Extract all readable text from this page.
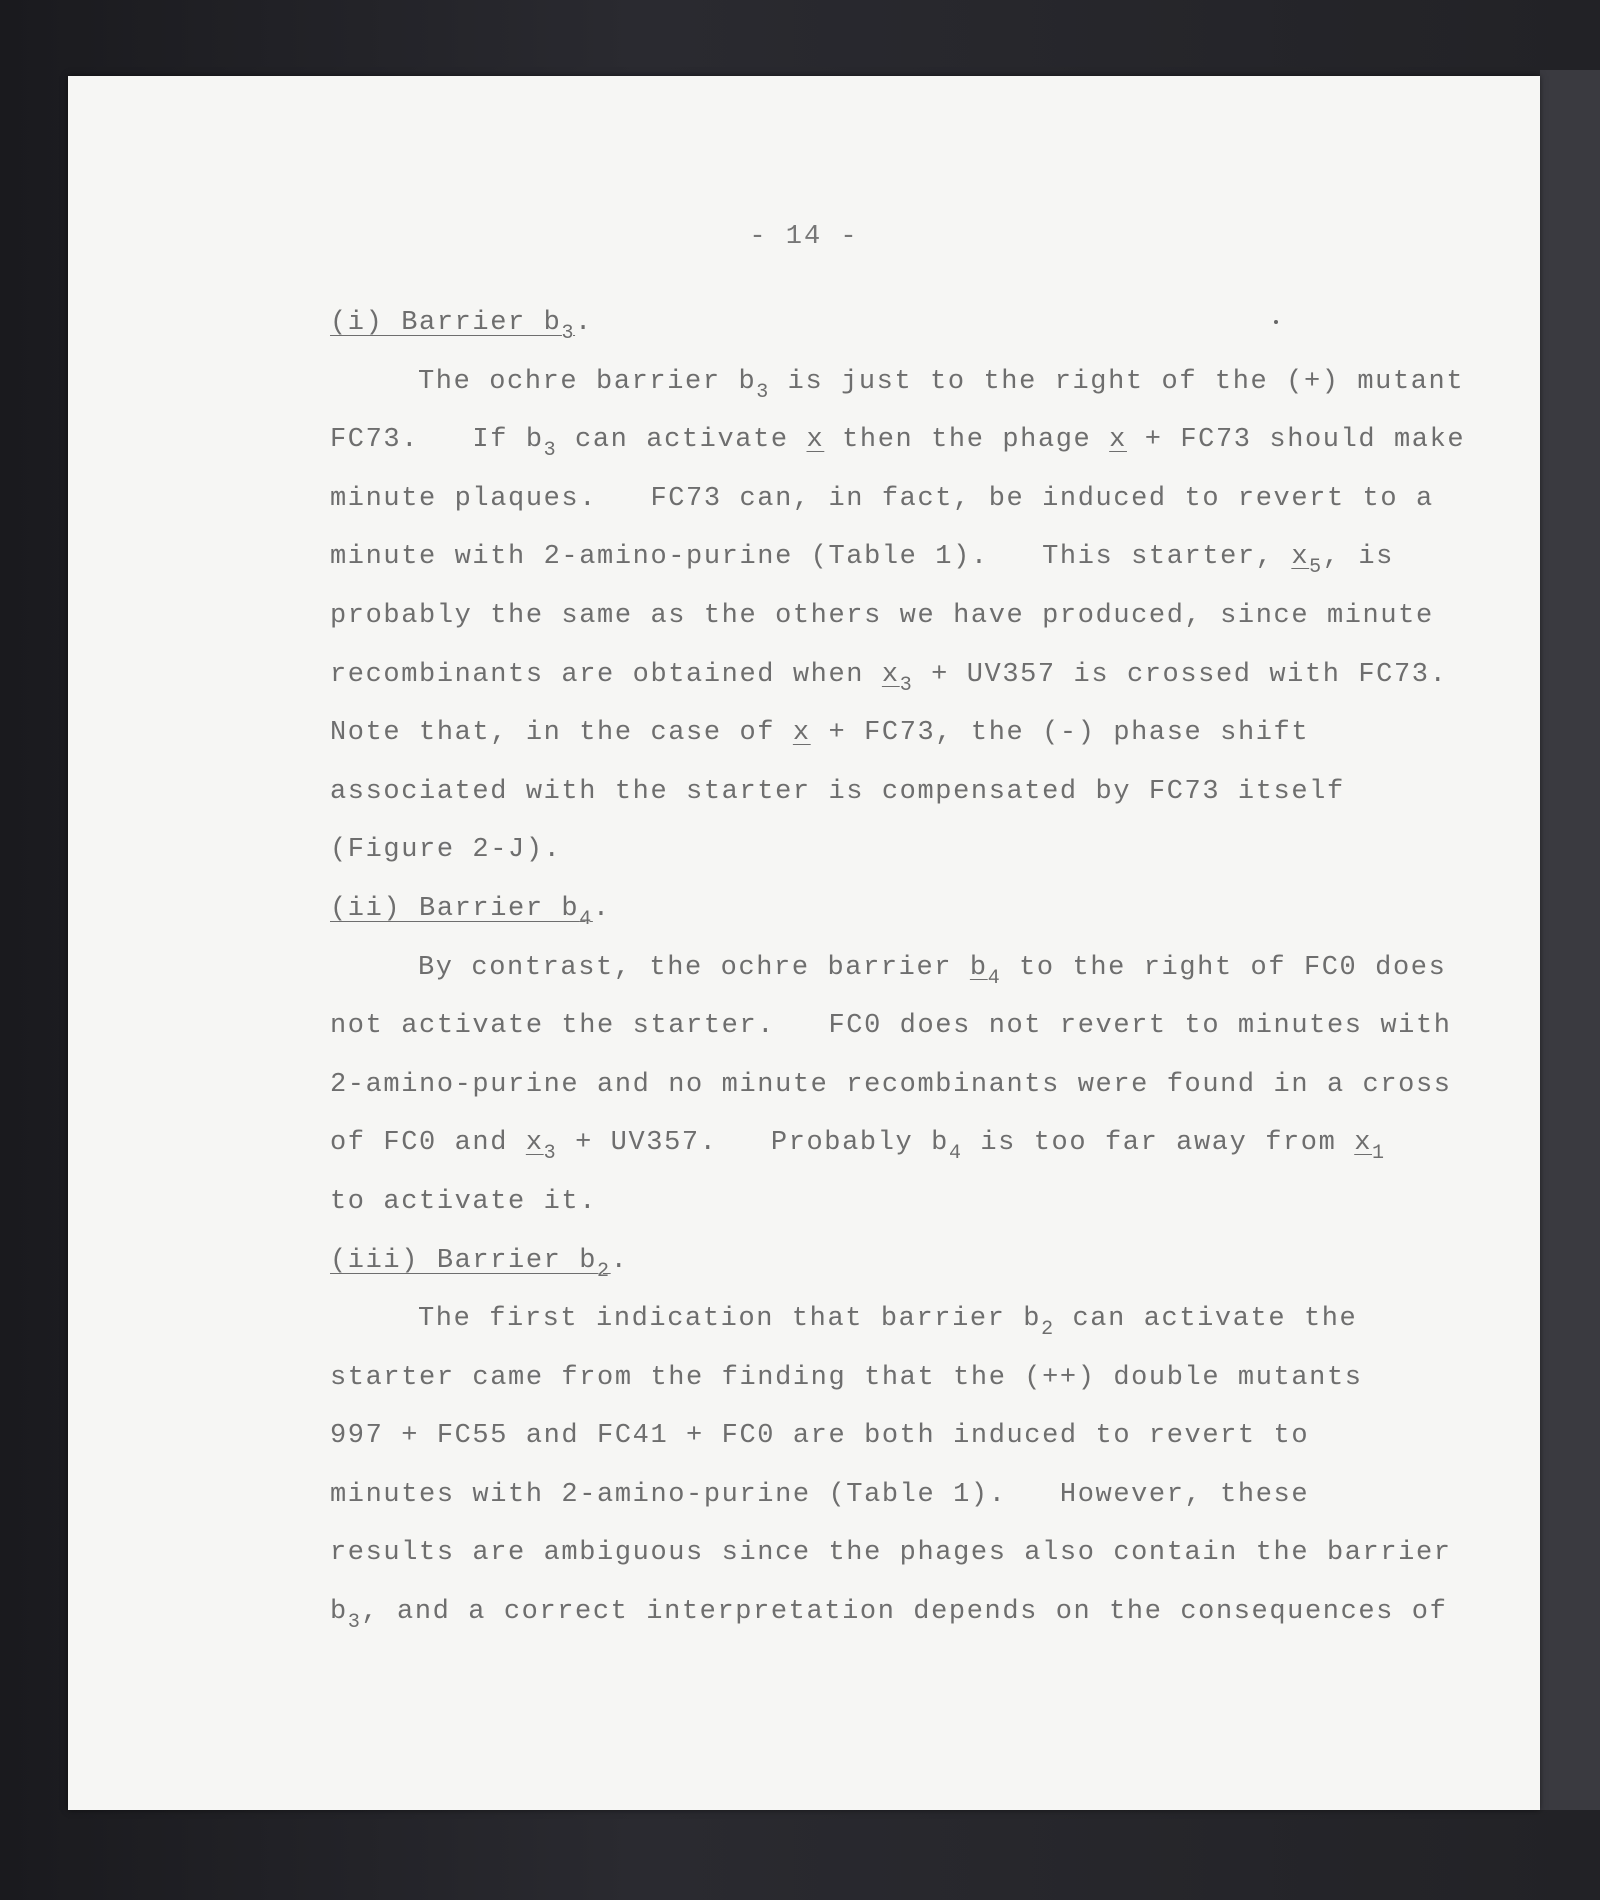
- 14 -
(i) Barrier $b_3$.
The ochre barrier $b_3$ is just to the right of the (+) mutant
FC73.   If $b_3$ can activate x then the phage x + FC73 should make
minute plaques.   FC73 can, in fact, be induced to revert to a
minute with 2-amino-purine (Table 1).   This starter, $x_5$, is
probably the same as the others we have produced, since minute
recombinants are obtained when $x_3 + UV357$ is crossed with FC73.
Note that, in the case of x + FC73, the (-) phase shift
associated with the starter is compensated by FC73 itself
(Figure 2-J).
(ii) Barrier $b_4$.
By contrast, the ochre barrier $b_4$ to the right of FC0 does
not activate the starter.   FC0 does not revert to minutes with
2-amino-purine and no minute recombinants were found in a cross
of FC0 and $x_3 + UV357$.   Probably $b_4$ is too far away from $x_1$
to activate it.
(iii) Barrier $b_2$.
The first indication that barrier $b_2$ can activate the
starter came from the finding that the (++) double mutants
997 + FC55 and FC41 + FC0 are both induced to revert to
minutes with 2-amino-purine (Table 1).   However, these
results are ambiguous since the phages also contain the barrier
$b_3$, and a correct interpretation depends on the consequences of
